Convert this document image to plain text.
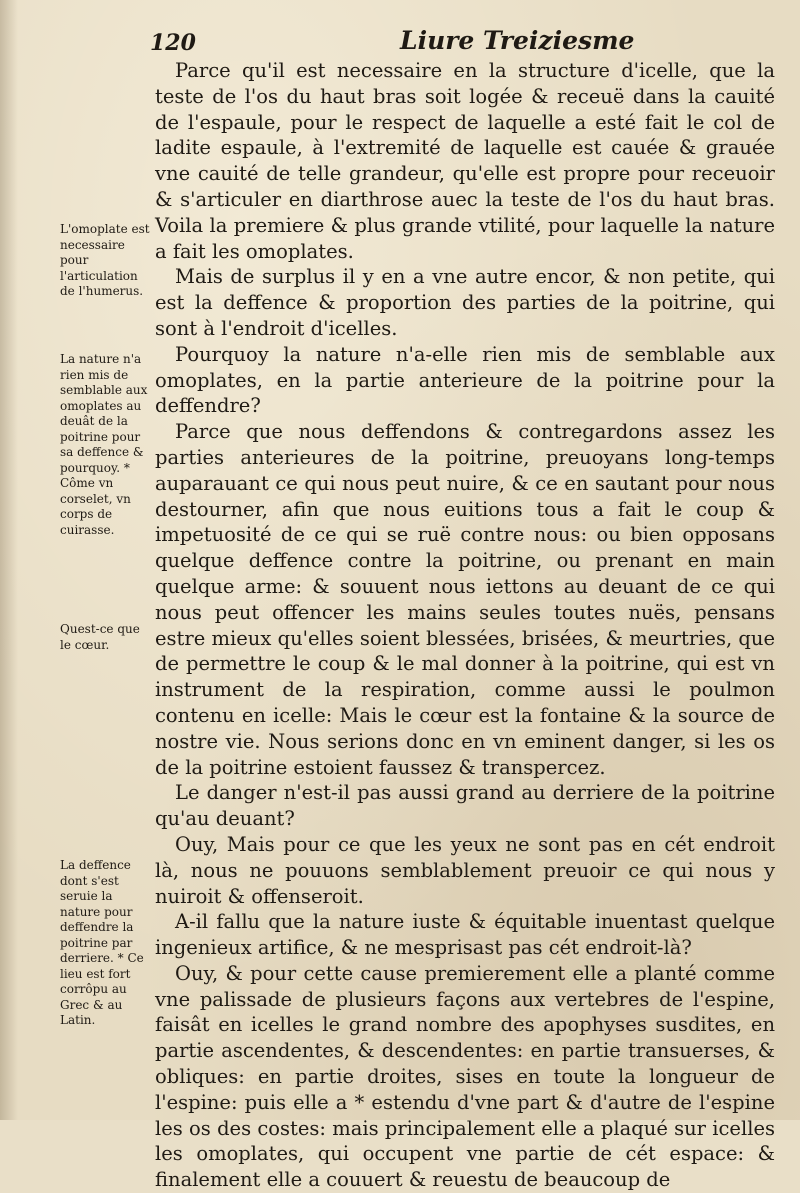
120	Liure Treiziesme
L'omoplate est necessaire pour l'articulation de l'humerus.
La nature n'a rien mis de semblable aux omoplates au deuât de la poitrine pour sa deffence & pourquoy. * Côme vn corselet, vn corps de cuirasse.
Quest-ce que le cœur.
La deffence dont s'est seruie la nature pour deffendre la poitrine par derriere. * Ce lieu est fort corrôpu au Grec & au Latin.

Parce qu'il est necessaire en la structure d'icelle, que la teste de l'os du haut bras soit logée & receuë dans la cauité de l'espaule, pour le respect de laquelle a esté fait le col de ladite espaule, à l'extremité de laquelle est cauée & grauée vne cauité de telle grandeur, qu'elle est propre pour receuoir & s'articuler en diarthrose auec la teste de l'os du haut bras. Voila la premiere & plus grande vtilité, pour laquelle la nature a fait les omoplates.

Mais de surplus il y en a vne autre encor, & non petite, qui est la deffence & proportion des parties de la poitrine, qui sont à l'endroit d'icelles.

Pourquoy la nature n'a-elle rien mis de semblable aux omoplates, en la partie anterieure de la poitrine pour la deffendre?

Parce que nous deffendons & contregardons assez les parties anterieures de la poitrine, preuoyans long-temps auparauant ce qui nous peut nuire, & ce en sautant pour nous destourner, afin que nous euitions tous a fait le coup & impetuosité de ce qui se ruë contre nous: ou bien opposans quelque deffence contre la poitrine, ou prenant en main quelque arme: & souuent nous iettons au deuant de ce qui nous peut offencer les mains seules toutes nuës, pensans estre mieux qu'elles soient blessées, brisées, & meurtries, que de permettre le coup & le mal donner à la poitrine, qui est vn instrument de la respiration, comme aussi le poulmon contenu en icelle: Mais le cœur est la fontaine & la source de nostre vie. Nous serions donc en vn eminent danger, si les os de la poitrine estoient faussez & transpercez.

Le danger n'est-il pas aussi grand au derriere de la poitrine qu'au deuant?

Ouy, Mais pour ce que les yeux ne sont pas en cét endroit là, nous ne pouuons semblablement preuoir ce qui nous y nuiroit & offenseroit.

A-il fallu que la nature iuste & équitable inuentast quelque ingenieux artifice, & ne mesprisast pas cét endroit-là?

Ouy, & pour cette cause premierement elle a planté comme vne palissade de plusieurs façons aux vertebres de l'espine, faisât en icelles le grand nombre des apophyses susdites, en partie ascendentes, & descendentes: en partie transuerses, & obliques: en partie droites, sises en toute la longueur de l'espine: puis elle a * estendu d'vne part & d'autre de l'espine les os des costes: mais principalement elle a plaqué sur icelles les omoplates, qui occupent vne partie de cét espace: & finalement elle a couuert & reuestu de beaucoup de
